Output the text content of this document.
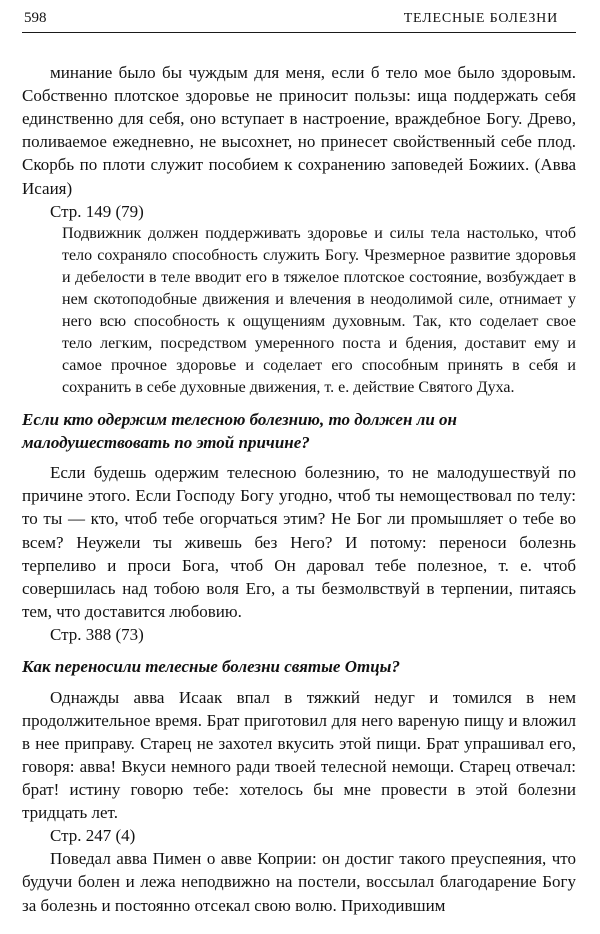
598	ТЕЛЕСНЫЕ БОЛЕЗНИ

минание было бы чуждым для меня, если б тело мое было здоровым. Собственно плотское здоровье не приносит пользы: ища поддержать себя единственно для себя, оно вступает в настроение, враждебное Богу. Древо, поливаемое ежедневно, не высохнет, но принесет свойственный себе плод. Скорбь по плоти служит пособием к сохранению заповедей Божиих. (Авва Исаия)

Стр. 149 (79)

Подвижник должен поддерживать здоровье и силы тела настолько, чтоб тело сохраняло способность служить Богу. Чрезмерное развитие здоровья и дебелости в теле вводит его в тяжелое плотское состояние, возбуждает в нем скотоподобные движения и влечения в неодолимой силе, отнимает у него всю способность к ощущениям духовным. Так, кто соделает свое тело легким, посредством умеренного поста и бдения, доставит ему и самое прочное здоровье и соделает его способным принять в себя и сохранить в себе духовные движения, т. е. действие Святого Духа.

Если кто одержим телесною болезнию, то должен ли он малодушествовать по этой причине?

Если будешь одержим телесною болезнию, то не малодушествуй по причине этого. Если Господу Богу угодно, чтоб ты немоществовал по телу: то ты — кто, чтоб тебе огорчаться этим? Не Бог ли промышляет о тебе во всем? Неужели ты живешь без Него? И потому: переноси болезнь терпеливо и проси Бога, чтоб Он даровал тебе полезное, т. е. чтоб совершилась над тобою воля Его, а ты безмолвствуй в терпении, питаясь тем, что доставится любовию.

Стр. 388 (73)

Как переносили телесные болезни святые Отцы?

Однажды авва Исаак впал в тяжкий недуг и томился в нем продолжительное время. Брат приготовил для него вареную пищу и вложил в нее приправу. Старец не захотел вкусить этой пищи. Брат упрашивал его, говоря: авва! Вкуси немного ради твоей телесной немощи. Старец отвечал: брат! истину говорю тебе: хотелось бы мне провести в этой болезни тридцать лет.

Стр. 247 (4)

Поведал авва Пимен о авве Коприи: он достиг такого преуспеяния, что будучи болен и лежа неподвижно на постели, воссылал благодарение Богу за болезнь и постоянно отсекал свою волю. Приходившим
